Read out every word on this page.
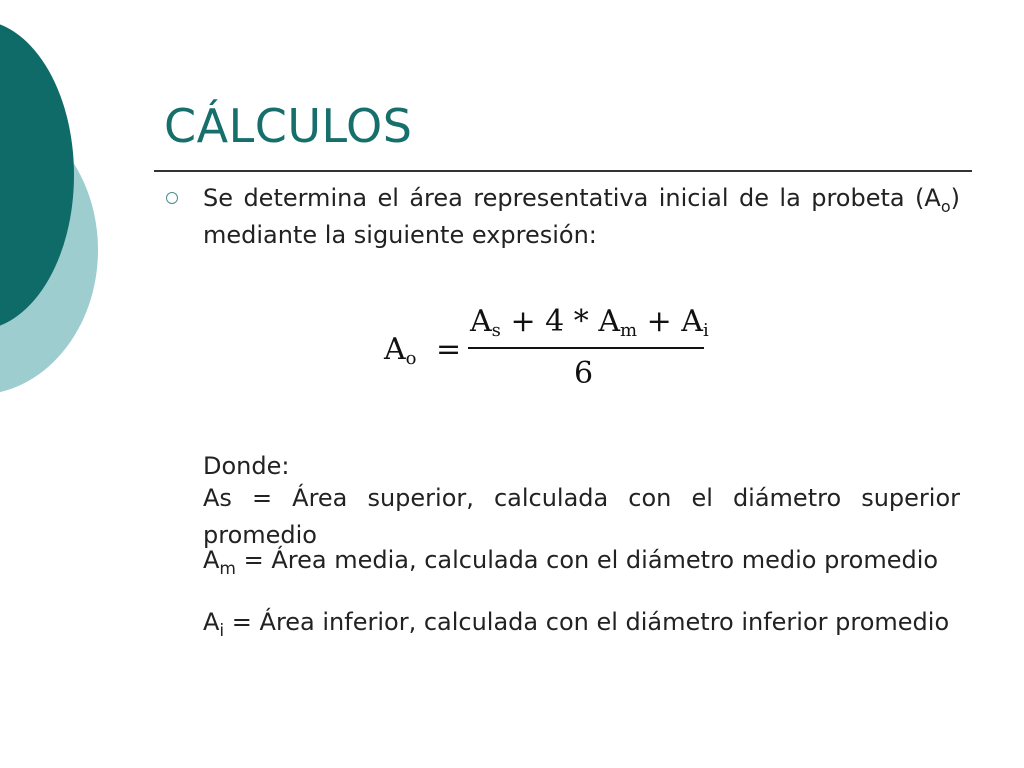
CÁLCULOS

Se determina el área representativa inicial de la probeta $(A_o)$ mediante la siguiente expresión:

$A_o$ =
$A_s + 4 * A_m + A_i$
6

Donde:

As = Área superior, calculada con el diámetro superior promedio

$A_m$ = Área media, calculada con el diámetro medio promedio

$A_i$ = Área inferior, calculada con el diámetro inferior promedio
